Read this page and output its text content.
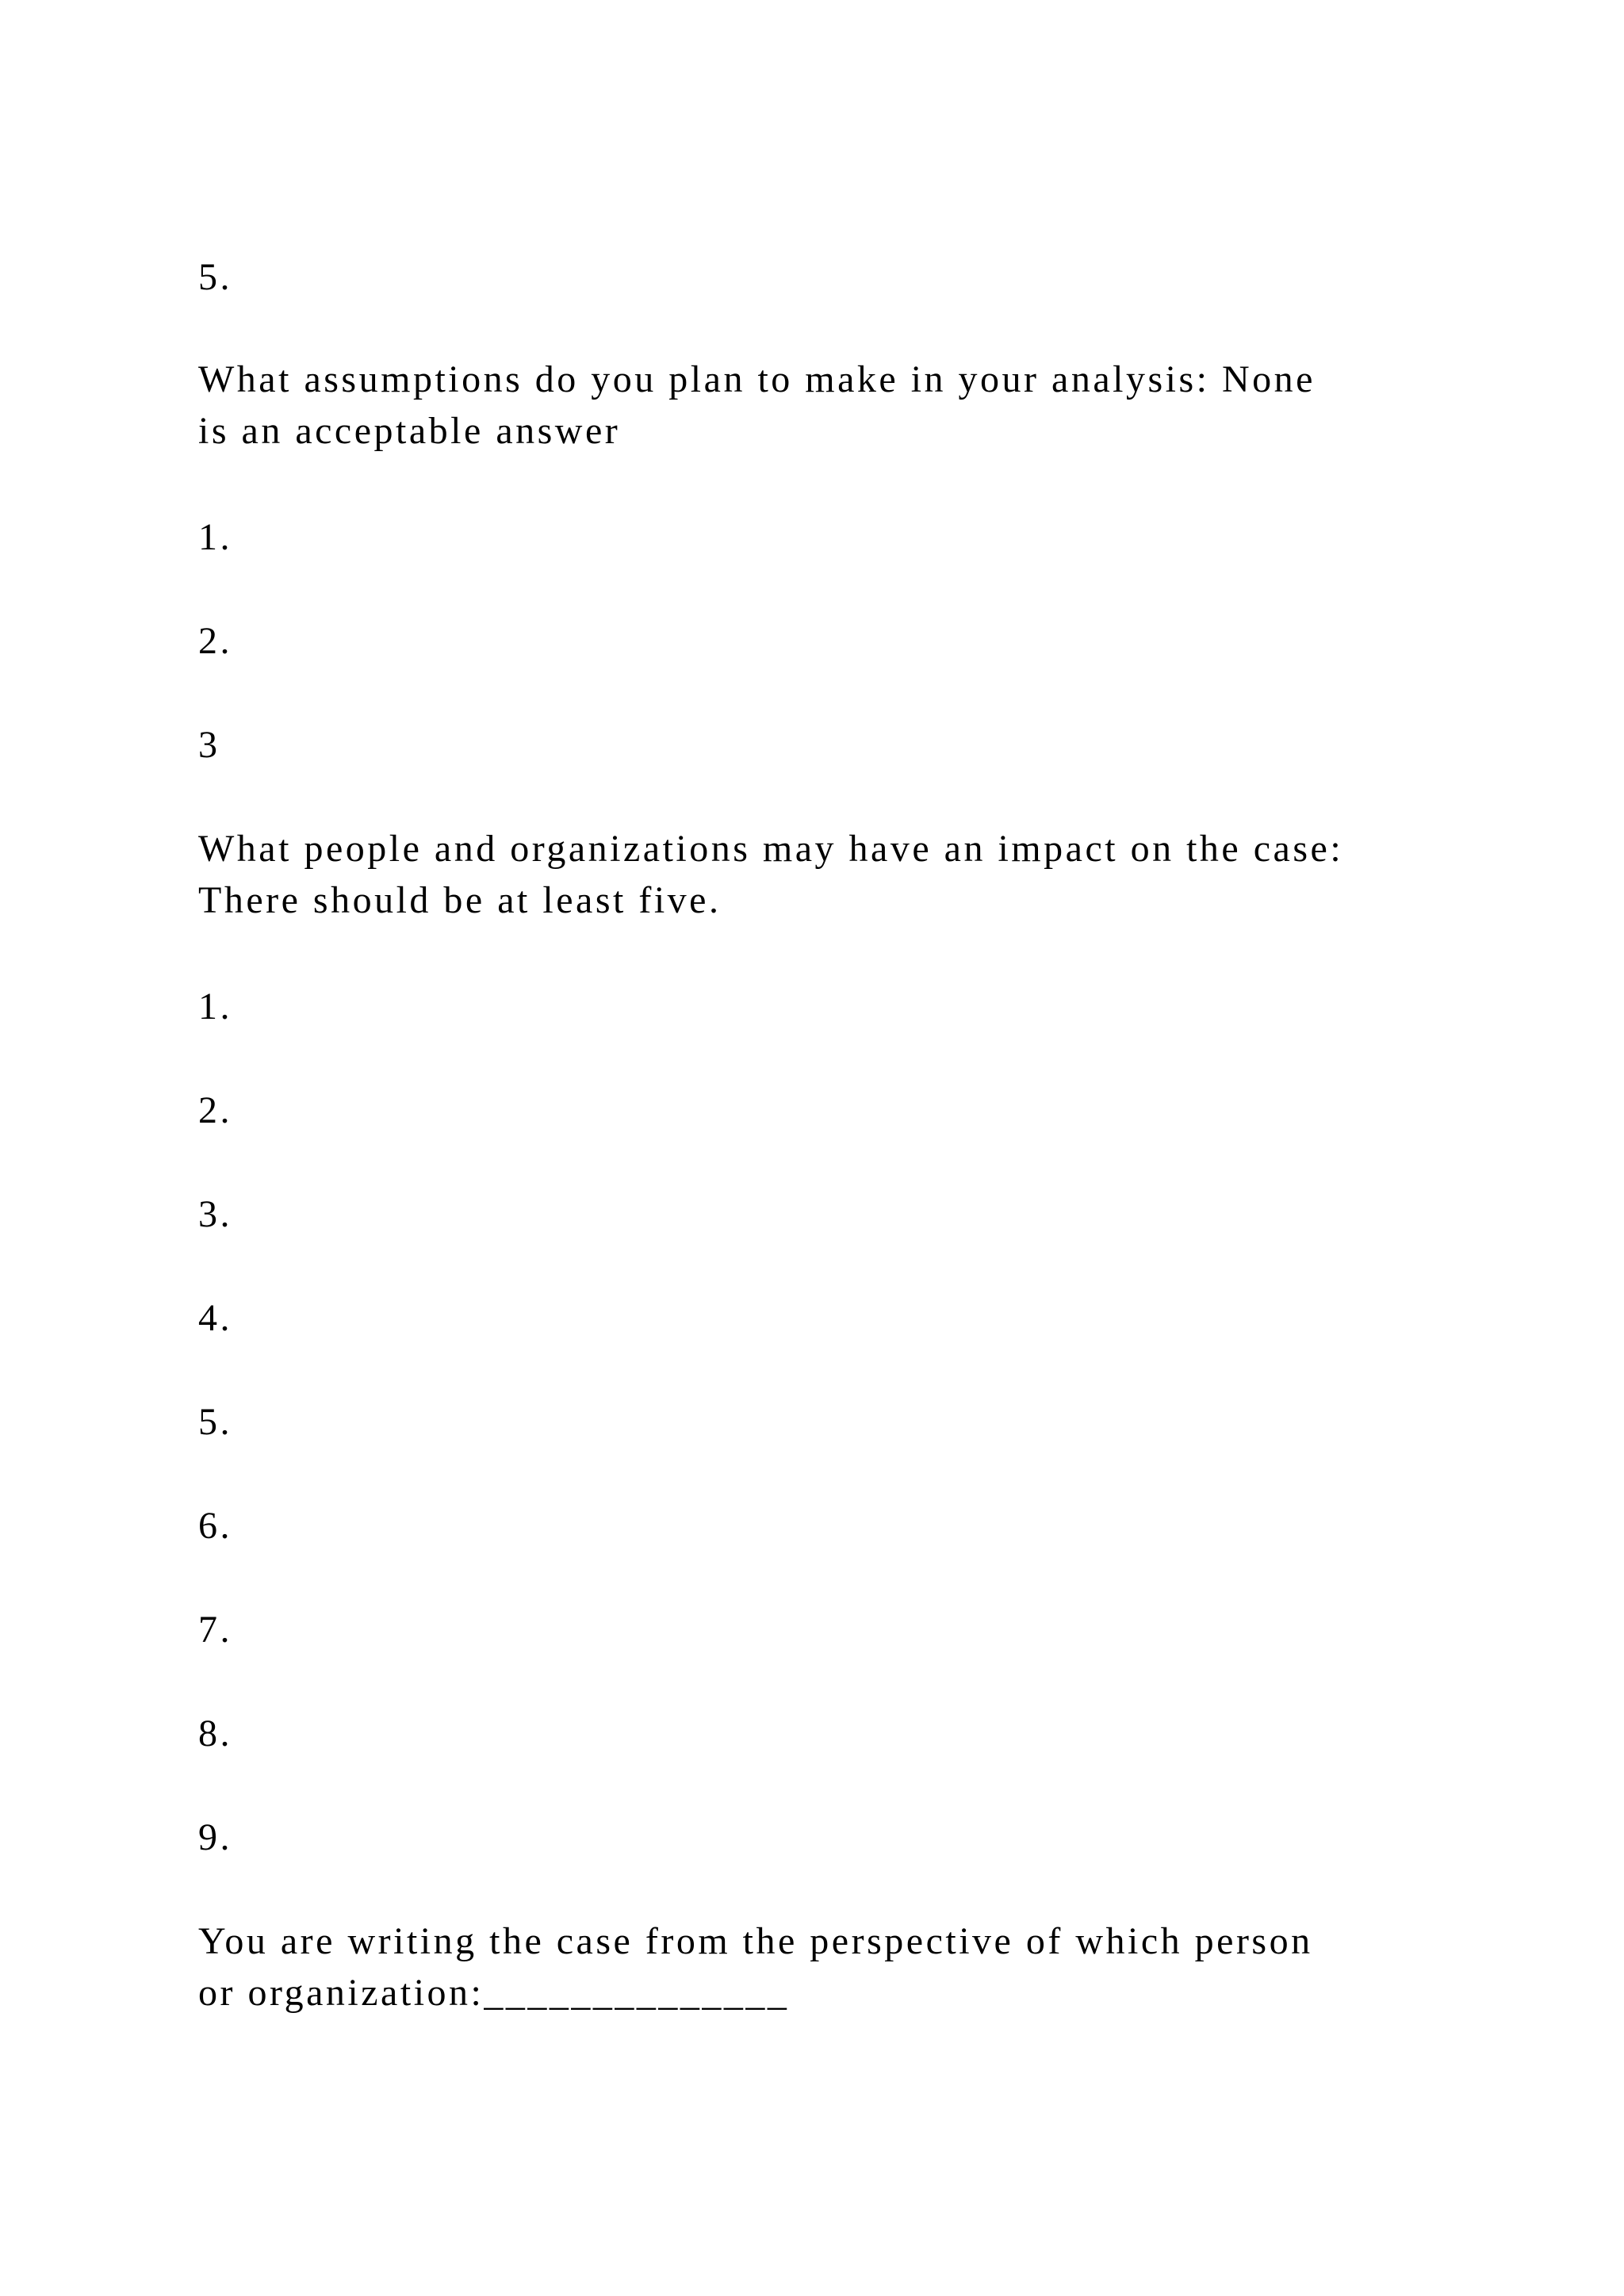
5.

What assumptions do you plan to make in your analysis: None

is an acceptable answer

1.

2.

3

What people and organizations may have an impact on the case:

There should be at least five.

1.

2.

3.

4.

5.

6.

7.

8.

9.

You are writing the case from the perspective of which person

or organization:______________
